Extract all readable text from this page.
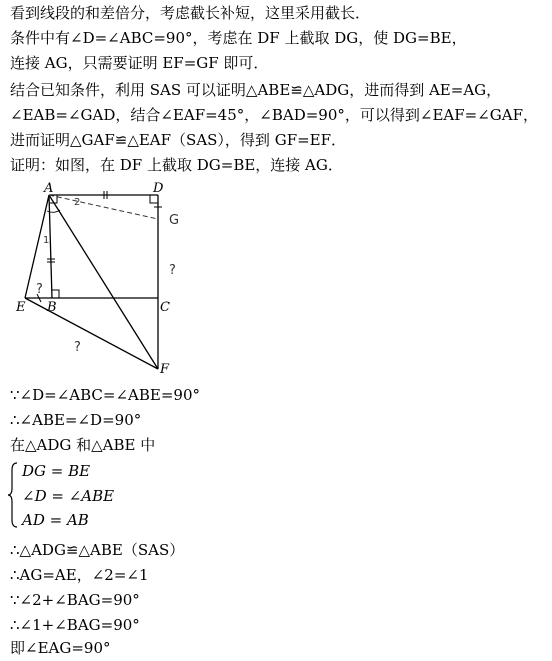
看到线段的和差倍分，考虑截长补短，这里采用截长．
条件中有∠D=∠ABC=90°，考虑在 DF 上截取 DG，使 DG=BE，
连接 AG，只需要证明 EF=GF 即可．
结合已知条件，利用 SAS 可以证明△ABE≌△ADG，进而得到 AE=AG，
∠EAB=∠GAD，结合∠EAF=45°，∠BAD=90°，可以得到∠EAF=∠GAF，
进而证明△GAF≌△EAF（SAS），得到 GF=EF．
证明：如图，在 DF 上截取 DG=BE，连接 AG．
A	D
G
E B	C
F
?
?
?
1
2
∵∠D=∠ABC=∠ABE=90°
∴∠ABE=∠D=90°
在△ADG 和△ABE 中
DG = BE
∠D = ∠ABE
AD = AB
∴△ADG≌△ABE（SAS）
∴AG=AE，∠2=∠1
∵∠2+∠BAG=90°
∴∠1+∠BAG=90°
即∠EAG=90°
